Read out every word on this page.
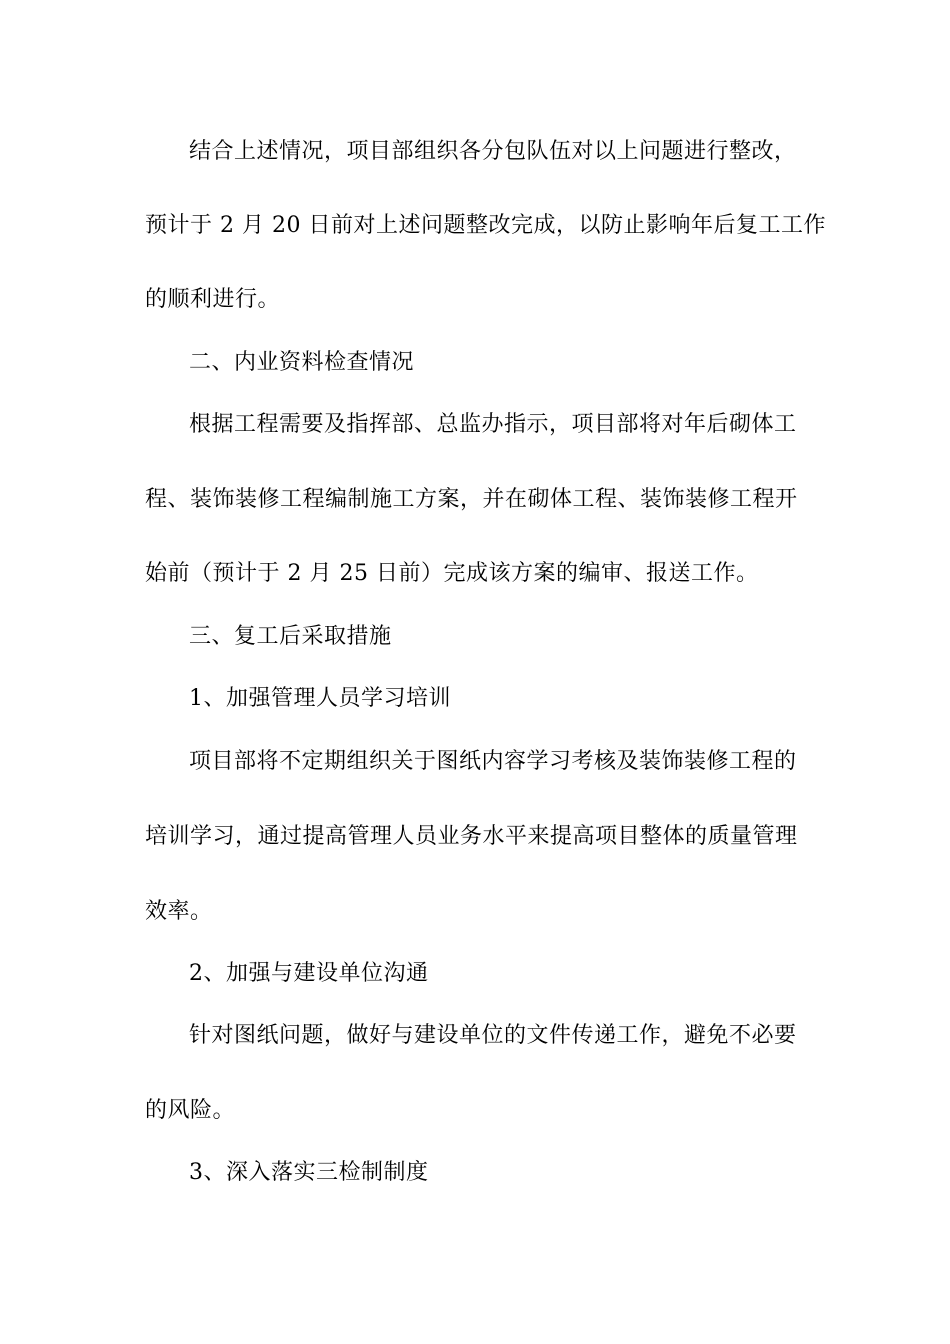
结合上述情况，项目部组织各分包队伍对以上问题进行整改，
预计于 2 月 20 日前对上述问题整改完成，以防止影响年后复工工作
的顺利进行。
二、内业资料检查情况
根据工程需要及指挥部、总监办指示，项目部将对年后砌体工
程、装饰装修工程编制施工方案，并在砌体工程、装饰装修工程开
始前（预计于 2 月 25 日前）完成该方案的编审、报送工作。
三、复工后采取措施
1、加强管理人员学习培训
项目部将不定期组织关于图纸内容学习考核及装饰装修工程的
培训学习，通过提高管理人员业务水平来提高项目整体的质量管理
效率。
2、加强与建设单位沟通
针对图纸问题，做好与建设单位的文件传递工作，避免不必要
的风险。
3、深入落实三检制制度
